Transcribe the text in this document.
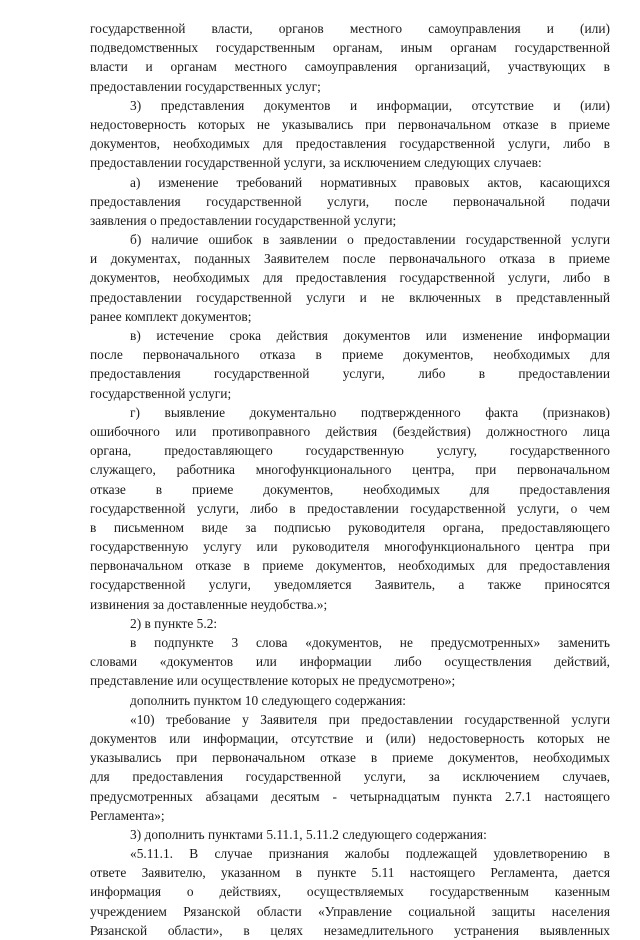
государственной власти, органов местного самоуправления и (или)
подведомственных государственным органам, иным органам государственной
власти и органам местного самоуправления организаций, участвующих в
предоставлении государственных услуг;
3) представления документов и информации, отсутствие и (или)
недостоверность которых не указывались при первоначальном отказе в приеме
документов, необходимых для предоставления государственной услуги, либо в
предоставлении государственной услуги, за исключением следующих случаев:
а) изменение требований нормативных правовых актов, касающихся
предоставления государственной услуги, после первоначальной подачи
заявления о предоставлении государственной услуги;
б) наличие ошибок в заявлении о предоставлении государственной услуги
и документах, поданных Заявителем после первоначального отказа в приеме
документов, необходимых для предоставления государственной услуги, либо в
предоставлении государственной услуги и не включенных в представленный
ранее комплект документов;
в) истечение срока действия документов или изменение информации
после первоначального отказа в приеме документов, необходимых для
предоставления государственной услуги, либо в предоставлении
государственной услуги;
г) выявление документально подтвержденного факта (признаков)
ошибочного или противоправного действия (бездействия) должностного лица
органа, предоставляющего государственную услугу, государственного
служащего, работника многофункционального центра, при первоначальном
отказе в приеме документов, необходимых для предоставления
государственной услуги, либо в предоставлении государственной услуги, о чем
в письменном виде за подписью руководителя органа, предоставляющего
государственную услугу или руководителя многофункционального центра при
первоначальном отказе в приеме документов, необходимых для предоставления
государственной услуги, уведомляется Заявитель, а также приносятся
извинения за доставленные неудобства.»;
2) в пункте 5.2:
в подпункте 3 слова «документов, не предусмотренных» заменить
словами «документов или информации либо осуществления действий,
представление или осуществление которых не предусмотрено»;
дополнить пунктом 10 следующего содержания:
«10) требование у Заявителя при предоставлении государственной услуги
документов или информации, отсутствие и (или) недостоверность которых не
указывались при первоначальном отказе в приеме документов, необходимых
для предоставления государственной услуги, за исключением случаев,
предусмотренных абзацами десятым - четырнадцатым пункта 2.7.1 настоящего
Регламента»;
3) дополнить пунктами 5.11.1, 5.11.2 следующего содержания:
«5.11.1. В случае признания жалобы подлежащей удовлетворению в
ответе Заявителю, указанном в пункте 5.11 настоящего Регламента, дается
информация о действиях, осуществляемых государственным казенным
учреждением Рязанской области «Управление социальной защиты населения
Рязанской области», в целях незамедлительного устранения выявленных
